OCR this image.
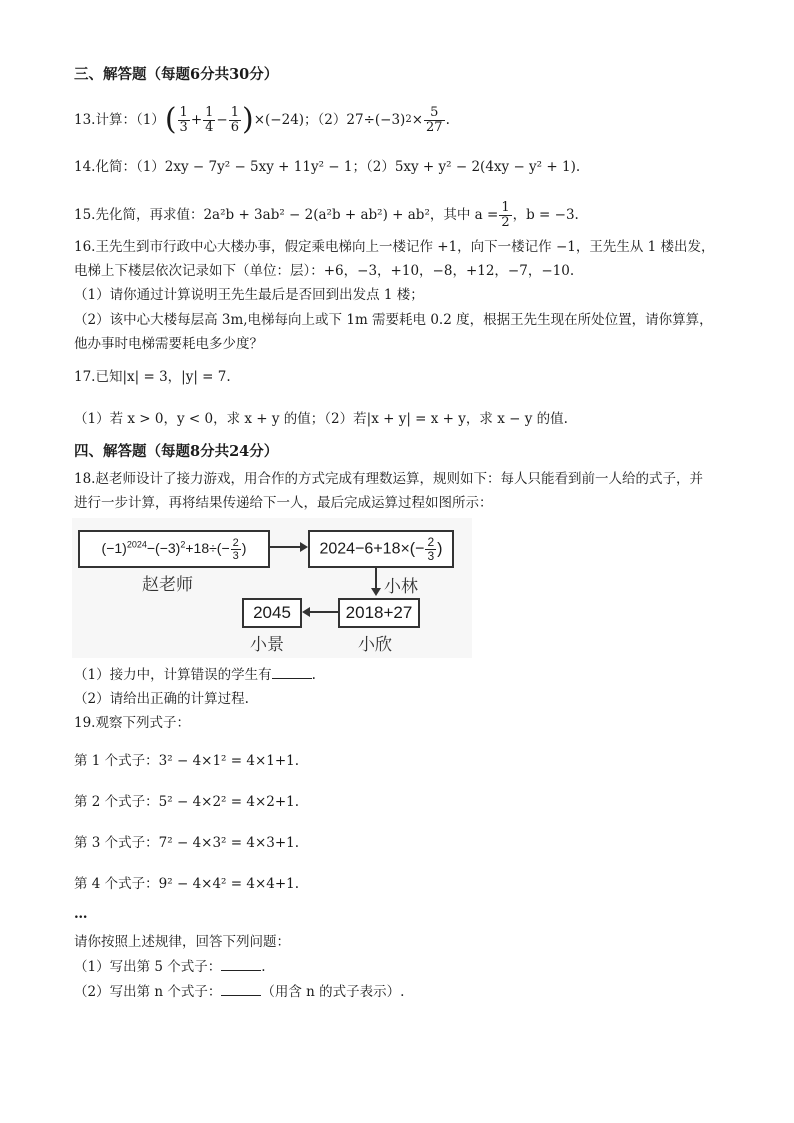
三、解答题（每题6分共30分）
13.计算：（1） ( $\frac{1}{3} + \frac{1}{4} - \frac{1}{6}$ ) ×(−24)；（2）27÷(−3) $2 \times \frac{5}{27}$ .
14.化简：（1）2xy − 7y² − 5xy + 11y² − 1；（2）5xy + y² − 2(4xy − y² + 1).
15.先化简，再求值：2a²b + 3ab² − 2(a²b + ab²) + ab²，其中 $a = \frac{1}{2}$ ，b = −3.
16.王先生到市行政中心大楼办事，假定乘电梯向上一楼记作 +1，向下一楼记作 −1，王先生从 1 楼出发，
电梯上下楼层依次记录如下（单位：层）：+6，−3，+10，−8，+12，−7，−10.
（1）请你通过计算说明王先生最后是否回到出发点 1 楼；
（2）该中心大楼每层高 3m,电梯每向上或下 1m 需要耗电 0.2 度，根据王先生现在所处位置，请你算算，
他办事时电梯需要耗电多少度？
17.已知|x| = 3，|y| = 7.
（1）若 x > 0，y < 0，求 x + y 的值；（2）若|x + y| = x + y，求 x − y 的值.
四、解答题（每题8分共24分）
18.赵老师设计了接力游戏，用合作的方式完成有理数运算，规则如下：每人只能看到前一人给的式子，并
进行一步计算，再将结果传递给下一人，最后完成运算过程如图所示：
$(-1)^{2024}-(-3)^2+18\div(- \frac{2}{3}$ )	$2024-6+18\times(- \frac{2}{3}$ )
赵老师	小林
2018+27
2045
小景	小欣
（1）接力中，计算错误的学生有	.
（2）请给出正确的计算过程.
19.观察下列式子：
第 1 个式子：3² − 4×1² = 4×1+1.
第 2 个式子：5² − 4×2² = 4×2+1.
第 3 个式子：7² − 4×3² = 4×3+1.
第 4 个式子：9² − 4×4² = 4×4+1.
…
请你按照上述规律，回答下列问题：
（1）写出第 5 个式子：	.
（2）写出第 n 个式子：	（用含 n 的式子表示）.
